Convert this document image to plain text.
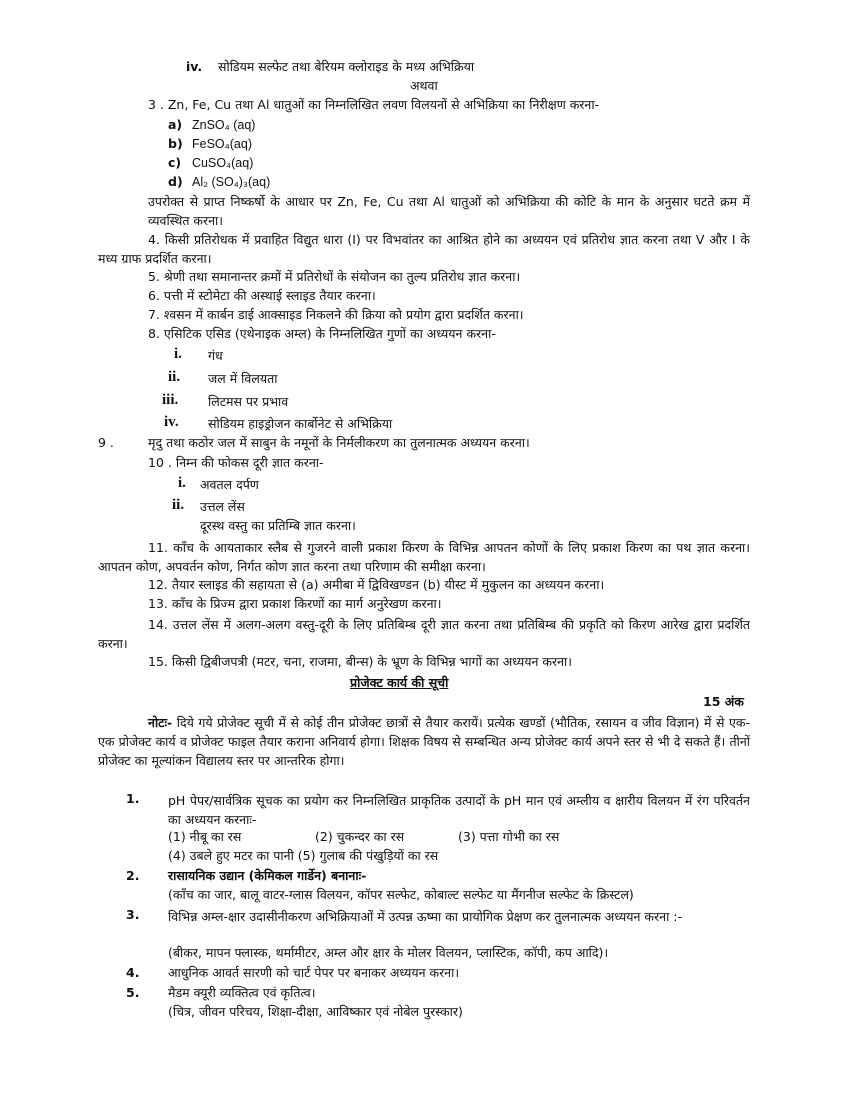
iv. सोडियम सल्फेट तथा बेरियम क्लोराइड के मध्य अभिक्रिया
अथवा
3 . Zn, Fe, Cu तथा Al धातुओं का निम्नलिखित लवण विलयनों से अभिक्रिया का निरीक्षण करना-
a) ZnSO₄ (aq)
b) FeSO₄(aq)
c) CuSO₄(aq)
d) Al₂ (SO₄)₃(aq)
उपरोक्त से प्राप्त निष्कर्षो के आधार पर Zn, Fe, Cu तथा Al धातुओं को अभिक्रिया की कोटि के मान के अनुसार घटते क्रम में व्यवस्थित करना।
4. किसी प्रतिरोधक में प्रवाहित विद्युत धारा (I) पर विभवांतर का आश्रित होने का अध्ययन एवं प्रतिरोध ज्ञात करना तथा V और I के मध्य ग्राफ प्रदर्शित करना।
5. श्रेणी तथा समानान्तर क्रमों में प्रतिरोधों के संयोजन का तुल्य प्रतिरोध ज्ञात करना।
6. पत्ती में स्टोमेटा की अस्थाई स्लाइड तैयार करना।
7. श्वसन में कार्बन डाई आक्साइड निकलने की क्रिया को प्रयोग द्वारा प्रदर्शित करना।
8. एसिटिक एसिड (एथेनाइक अम्ल) के निम्नलिखित गुणों का अध्ययन करना-
i. गंध
ii. जल में विलयता
iii. लिटमस पर प्रभाव
iv. सोडियम हाइड्रोजन कार्बोनेट से अभिक्रिया
9 .	मृदु तथा कठोर जल में साबुन के नमूनों के निर्मलीकरण का तुलनात्मक अध्ययन करना।
10 . निम्न की फोकस दूरी ज्ञात करना-
i. अवतल दर्पण
ii. उत्तल लेंस
दूरस्थ वस्तु का प्रतिम्बि ज्ञात करना।
11. काँच के आयताकार स्लैब से गुजरने वाली प्रकाश किरण के विभिन्न आपतन कोणों के लिए प्रकाश किरण का पथ ज्ञात करना। आपतन कोण, अपवर्तन कोण, निर्गत कोण ज्ञात करना तथा परिणाम की समीक्षा करना।
12. तैयार स्लाइड की सहायता से (a) अमीबा में द्विविखण्डन (b) यीस्ट में मुकुलन का अध्ययन करना।
13. काँच के प्रिज्म द्वारा प्रकाश किरणों का मार्ग अनुरेखण करना।
14. उत्तल लेंस में अलग-अलग वस्तु-दूरी के लिए प्रतिबिम्ब दूरी ज्ञात करना तथा प्रतिबिम्ब की प्रकृति को किरण आरेख द्वारा प्रदर्शित करना।
15. किसी द्विबीजपत्री (मटर, चना, राजमा, बीन्स) के भ्रूण के विभिन्न भागों का अध्ययन करना।
प्रोजेक्ट कार्य की सूची
15 अंक
नोटः- दिये गये प्रोजेक्ट सूची में से कोई तीन प्रोजेक्ट छात्रों से तैयार करायें। प्रत्येक खण्डों (भौतिक, रसायन व जीव विज्ञान) में से एक-एक प्रोजेक्ट कार्य व प्रोजेक्ट फाइल तैयार कराना अनिवार्य होगा। शिक्षक विषय से सम्बन्धित अन्य प्रोजेक्ट कार्य अपने स्तर से भी दे सकते हैं। तीनों प्रोजेक्ट का मूल्यांकन विद्यालय स्तर पर आन्तरिक होगा।
1. pH पेपर/सार्वत्रिक सूचक का प्रयोग कर निम्नलिखित प्राकृतिक उत्पादों के pH मान एवं अम्लीय व क्षारीय विलयन में रंग परिवर्तन का अध्ययन करनाः-
(1) नीबू का रस	(2) चुकन्दर का रस	(3) पत्ता गोभी का रस
(4) उबले हुए मटर का पानी (5) गुलाब की पंखुड़ियों का रस
2. रासायनिक उद्यान (केमिकल गार्डेन) बनानाः-
(काँच का जार, बालू वाटर-ग्लास विलयन, कॉपर सल्फेट, कोबाल्ट सल्फेट या मैंगनीज सल्फेट के क्रिस्टल)
3. विभिन्न अम्ल-क्षार उदासीनीकरण अभिक्रियाओं में उत्पन्न ऊष्मा का प्रायोगिक प्रेक्षण कर तुलनात्मक अध्ययन करना :-
(बीकर, मापन फ्लास्क, थर्मामीटर, अम्ल और क्षार के मोलर विलयन, प्लास्टिक, कॉपी, कप आदि)।
4. आधुनिक आवर्त सारणी को चार्ट पेपर पर बनाकर अध्ययन करना।
5. मैडम क्यूरी व्यक्तित्व एवं कृतित्व।
(चित्र, जीवन परिचय, शिक्षा-दीक्षा, आविष्कार एवं नोबेल पुरस्कार)
